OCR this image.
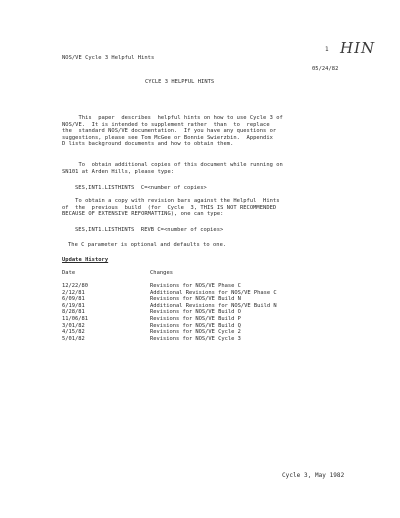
NOS/VE Cycle 3 Helpful Hints
1 HIN
05/24/82
CYCLE 3 HELPFUL HINTS
This  paper  describes  helpful hints on how to use Cycle 3 of
NOS/VE.  It is intended to supplement rather  than  to  replace
the  standard NOS/VE documentation.  If you have any questions or
suggestions, please see Tom McGee or Bonnie Swierzbin.  Appendix
D lists background documents and how to obtain them.
To  obtain additional copies of this document while running on
SN101 at Arden Hills, please type:
SES,INT1.LISTHINTS  C=<number of copies>
To obtain a copy with revision bars against the Helpful  Hints
of  the  previous  build  (for  Cycle  3, THIS IS NOT RECOMMENDED
BECAUSE OF EXTENSIVE REFORMATTING), one can type:
SES,INT1.LISTHINTS  REVB C=<number of copies>
The C parameter is optional and defaults to one.
Update History
Date	Changes
12/22/80	Revisions for NOS/VE Phase C
2/12/81	Additional Revisions for NOS/VE Phase C
6/09/81	Revisions for NOS/VE Build N
6/19/81	Additional Revisions for NOS/VE Build N
8/28/81	Revisions for NOS/VE Build O
11/06/81	Revisions for NOS/VE Build P
3/01/82	Revisions for NOS/VE Build Q
4/15/82	Revisions for NOS/VE Cycle 2
5/01/82	Revisions for NOS/VE Cycle 3
Cycle 3, May 1982
